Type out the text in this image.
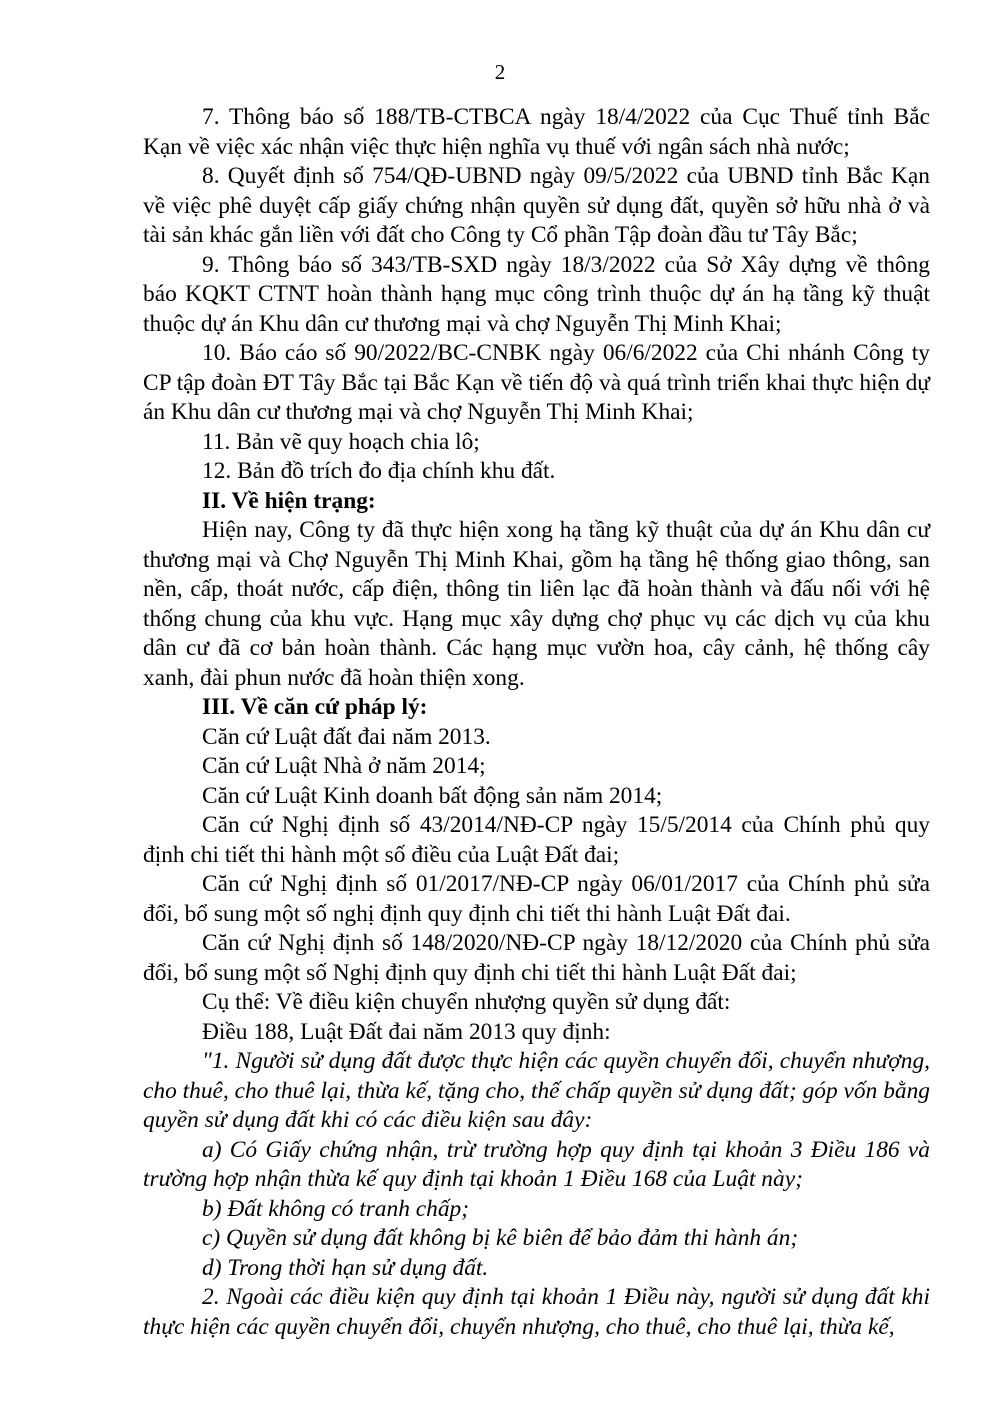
2

7. Thông báo số 188/TB-CTBCA ngày 18/4/2022 của Cục Thuế tỉnh Bắc Kạn về việc xác nhận việc thực hiện nghĩa vụ thuế với ngân sách nhà nước;

8. Quyết định số 754/QĐ-UBND ngày 09/5/2022 của UBND tỉnh Bắc Kạn về việc phê duyệt cấp giấy chứng nhận quyền sử dụng đất, quyền sở hữu nhà ở và tài sản khác gắn liền với đất cho Công ty Cổ phần Tập đoàn đầu tư Tây Bắc;

9. Thông báo số 343/TB-SXD ngày 18/3/2022 của Sở Xây dựng về thông báo KQKT CTNT hoàn thành hạng mục công trình thuộc dự án hạ tầng kỹ thuật thuộc dự án Khu dân cư thương mại và chợ Nguyễn Thị Minh Khai;

10. Báo cáo số 90/2022/BC-CNBK ngày 06/6/2022 của Chi nhánh Công ty CP tập đoàn ĐT Tây Bắc tại Bắc Kạn về tiến độ và quá trình triển khai thực hiện dự án Khu dân cư thương mại và chợ Nguyễn Thị Minh Khai;

11. Bản vẽ quy hoạch chia lô;

12. Bản đồ trích đo địa chính khu đất.

II. Về hiện trạng:

Hiện nay, Công ty đã thực hiện xong hạ tầng kỹ thuật của dự án Khu dân cư thương mại và Chợ Nguyễn Thị Minh Khai, gồm hạ tầng hệ thống giao thông, san nền, cấp, thoát nước, cấp điện, thông tin liên lạc đã hoàn thành và đấu nối với hệ thống chung của khu vực. Hạng mục xây dựng chợ phục vụ các dịch vụ của khu dân cư đã cơ bản hoàn thành. Các hạng mục vườn hoa, cây cảnh, hệ thống cây xanh, đài phun nước đã hoàn thiện xong.

III. Về căn cứ pháp lý:

Căn cứ Luật đất đai năm 2013.

Căn cứ Luật Nhà ở năm 2014;

Căn cứ Luật Kinh doanh bất động sản năm 2014;

Căn cứ Nghị định số 43/2014/NĐ-CP ngày 15/5/2014 của Chính phủ quy định chi tiết thi hành một số điều của Luật Đất đai;

Căn cứ Nghị định số 01/2017/NĐ-CP ngày 06/01/2017 của Chính phủ sửa đổi, bổ sung một số nghị định quy định chi tiết thi hành Luật Đất đai.

Căn cứ Nghị định số 148/2020/NĐ-CP ngày 18/12/2020 của Chính phủ sửa đổi, bổ sung một số Nghị định quy định chi tiết thi hành Luật Đất đai;

Cụ thể: Về điều kiện chuyển nhượng quyền sử dụng đất:

Điều 188, Luật Đất đai năm 2013 quy định:

"1. Người sử dụng đất được thực hiện các quyền chuyển đổi, chuyển nhượng, cho thuê, cho thuê lại, thừa kế, tặng cho, thế chấp quyền sử dụng đất; góp vốn bằng quyền sử dụng đất khi có các điều kiện sau đây:

a) Có Giấy chứng nhận, trừ trường hợp quy định tại khoản 3 Điều 186 và trường hợp nhận thừa kế quy định tại khoản 1 Điều 168 của Luật này;

b) Đất không có tranh chấp;

c) Quyền sử dụng đất không bị kê biên để bảo đảm thi hành án;

d) Trong thời hạn sử dụng đất.

2. Ngoài các điều kiện quy định tại khoản 1 Điều này, người sử dụng đất khi thực hiện các quyền chuyển đổi, chuyển nhượng, cho thuê, cho thuê lại, thừa kế,
